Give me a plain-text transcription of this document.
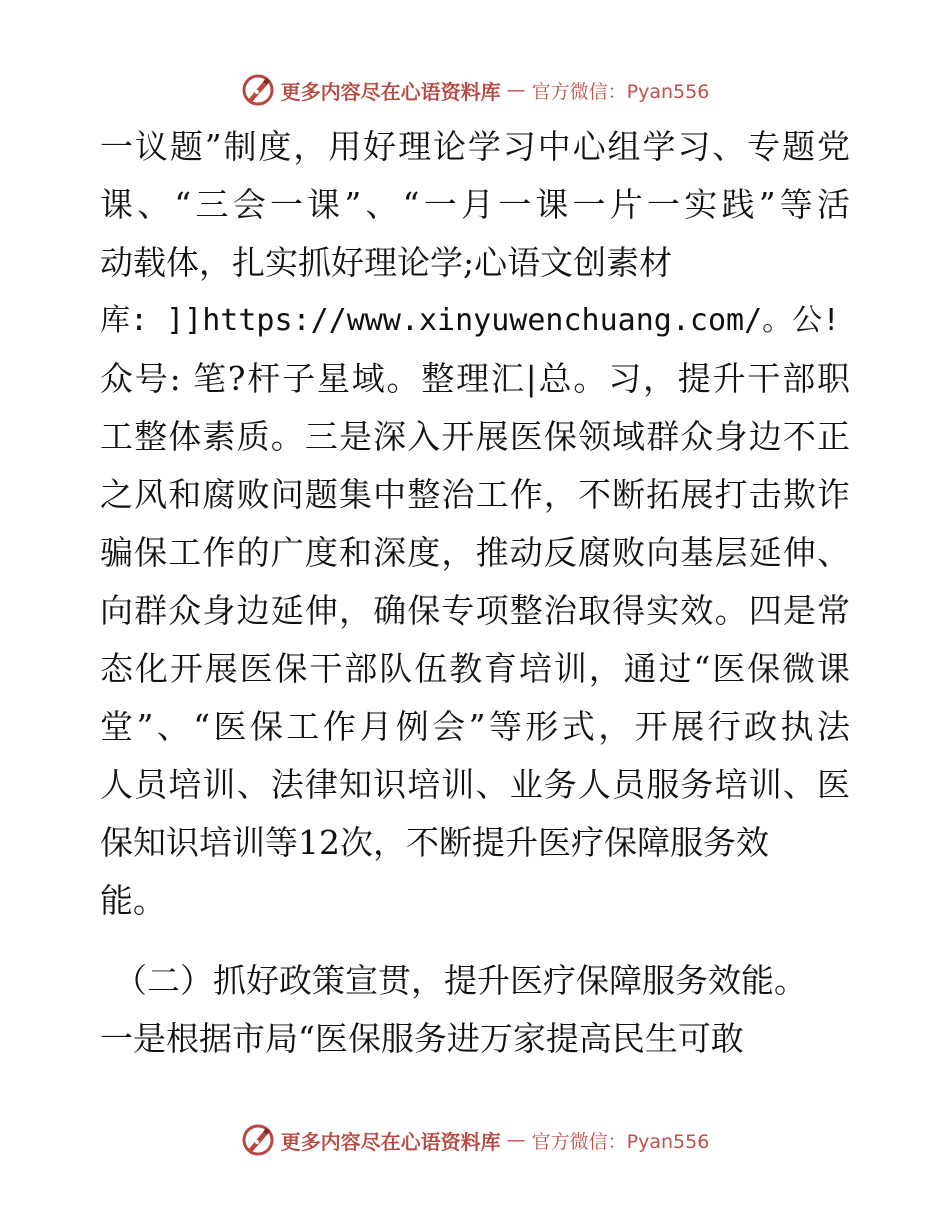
更多内容尽在心语资料库 — 官方微信：Pyan556
一议题”制度，用好理论学习中心组学习、专题党
课、“三会一课”、“一月一课一片一实践”等活
动载体，扎实抓好理论学;心语文创素材
库: ]]https://www.xinyuwenchuang.com/。公!
众号: 笔?杆子星域。整理汇|总。习，提升干部职
工整体素质。三是深入开展医保领域群众身边不正
之风和腐败问题集中整治工作，不断拓展打击欺诈
骗保工作的广度和深度，推动反腐败向基层延伸、
向群众身边延伸，确保专项整治取得实效。四是常
态化开展医保干部队伍教育培训，通过“医保微课
堂”、“医保工作月例会”等形式，开展行政执法
人员培训、法律知识培训、业务人员服务培训、医
保知识培训等12次，不断提升医疗保障服务效
能。
（二）抓好政策宣贯，提升医疗保障服务效能。
一是根据市局“医保服务进万家提高民生可敢
更多内容尽在心语资料库 — 官方微信：Pyan556
